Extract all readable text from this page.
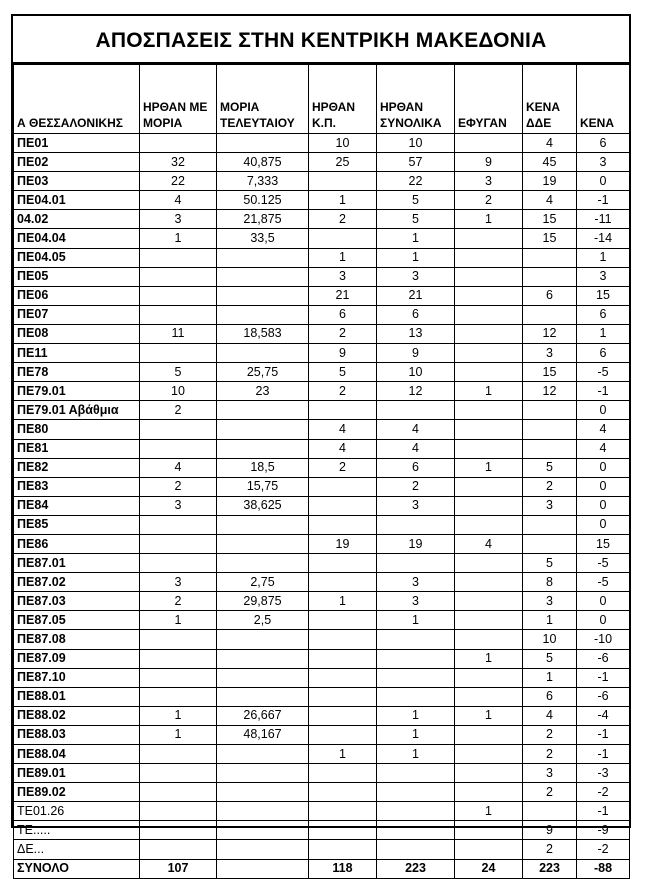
ΑΠΟΣΠΑΣΕΙΣ ΣΤΗΝ ΚΕΝΤΡΙΚΗ ΜΑΚΕΔΟΝΙΑ
Α ΘΕΣΣΑΛΟΝΙΚΗΣ	ΗΡΘΑΝ ΜΕ ΜΟΡΙΑ	ΜΟΡΙΑ ΤΕΛΕΥΤΑΙΟΥ	ΗΡΘΑΝ Κ.Π.	ΗΡΘΑΝ ΣΥΝΟΛΙΚΑ	ΕΦΥΓΑΝ	ΚΕΝΑ ΔΔΕ	ΚΕΝΑ
ΠΕ01			10	10		4	6
ΠΕ02	32	40,875	25	57	9	45	3
ΠΕ03	22	7,333		22	3	19	0
ΠΕ04.01	4	50.125	1	5	2	4	-1
04.02	3	21,875	2	5	1	15	-11
ΠΕ04.04	1	33,5		1		15	-14
ΠΕ04.05			1	1			1
ΠΕ05			3	3			3
ΠΕ06			21	21		6	15
ΠΕ07			6	6			6
ΠΕ08	11	18,583	2	13		12	1
ΠΕ11			9	9		3	6
ΠΕ78	5	25,75	5	10		15	-5
ΠΕ79.01	10	23	2	12	1	12	-1
ΠΕ79.01 Αβάθμια	2						0
ΠΕ80			4	4			4
ΠΕ81			4	4			4
ΠΕ82	4	18,5	2	6	1	5	0
ΠΕ83	2	15,75		2		2	0
ΠΕ84	3	38,625		3		3	0
ΠΕ85							0
ΠΕ86			19	19	4		15
ΠΕ87.01						5	-5
ΠΕ87.02	3	2,75		3		8	-5
ΠΕ87.03	2	29,875	1	3		3	0
ΠΕ87.05	1	2,5		1		1	0
ΠΕ87.08						10	-10
ΠΕ87.09					1	5	-6
ΠΕ87.10						1	-1
ΠΕ88.01						6	-6
ΠΕ88.02	1	26,667		1	1	4	-4
ΠΕ88.03	1	48,167		1		2	-1
ΠΕ88.04			1	1		2	-1
ΠΕ89.01						3	-3
ΠΕ89.02						2	-2
ΤΕ01.26					1		-1
ΤΕ.....						9	-9
ΔΕ...						2	-2
ΣΥΝΟΛΟ	107		118	223	24	223	-88
